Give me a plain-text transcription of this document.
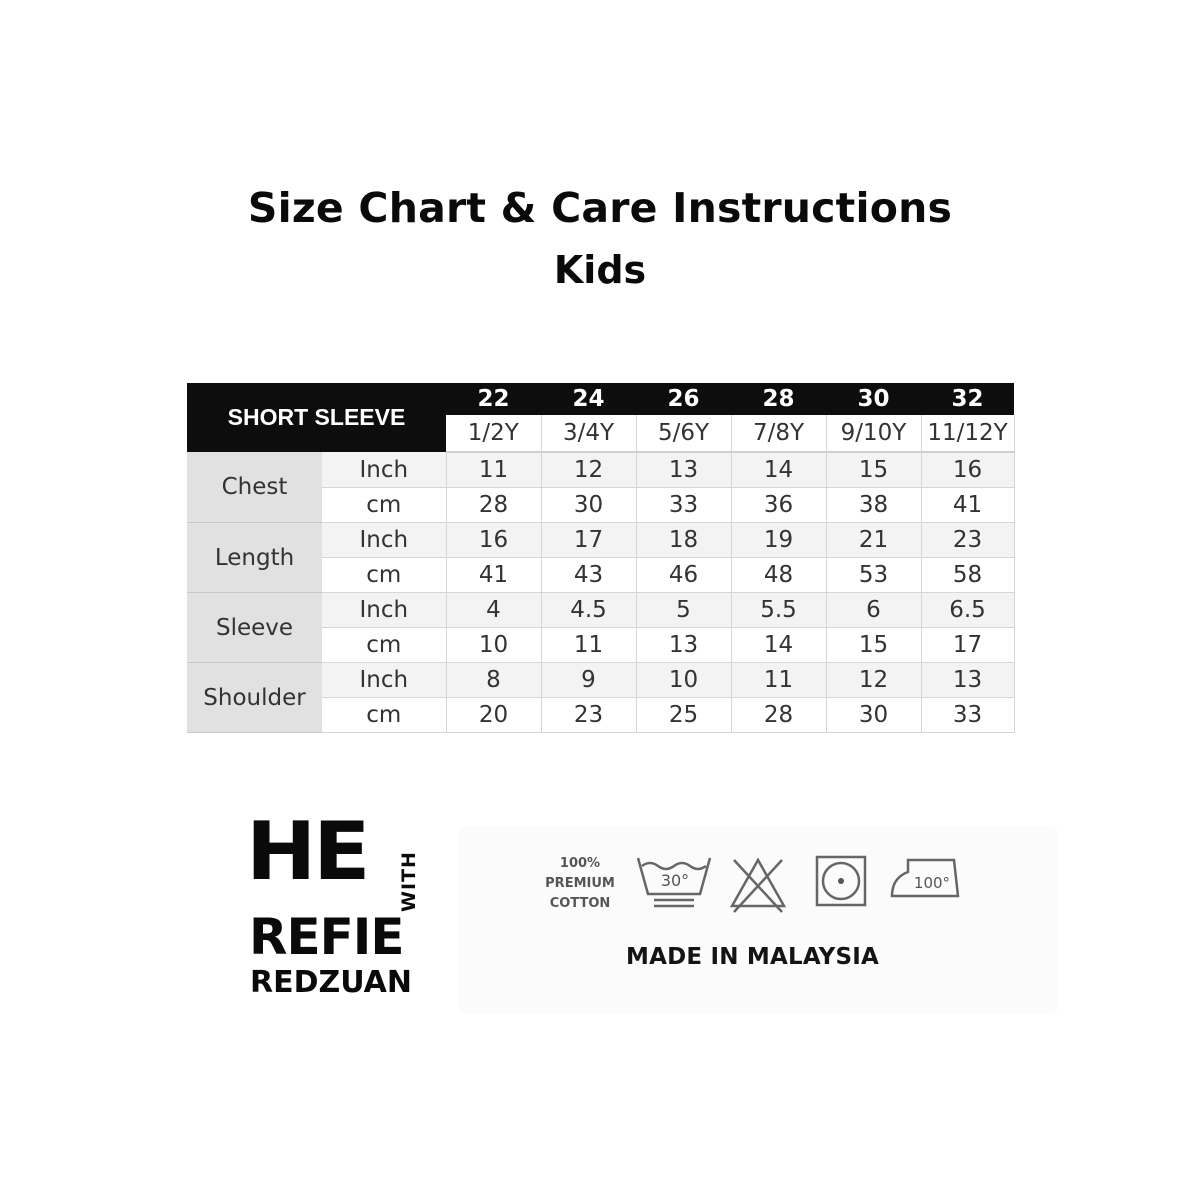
Size Chart & Care Instructions
Kids
SHORT SLEEVE		22	24	26	28	30	32
		1/2Y	3/4Y	5/6Y	7/8Y	9/10Y	11/12Y
Chest	Inch	11	12	13	14	15	16
	cm	28	30	33	36	38	41
Length	Inch	16	17	18	19	21	23
	cm	41	43	46	48	53	58
Sleeve	Inch	4	4.5	5	5.5	6	6.5
	cm	10	11	13	14	15	17
Shoulder	Inch	8	9	10	11	12	13
	cm	20	23	25	28	30	33
HE
REFIE
REDZUAN
WITH	100%
PREMIUM
COTTON
30°	100°
MADE IN MALAYSIA
